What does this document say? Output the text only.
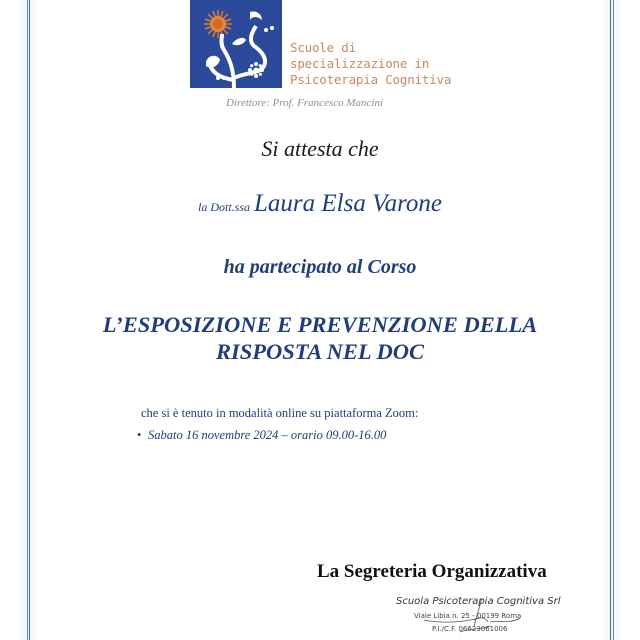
Scuole di
specializzazione in
Psicoterapia Cognitiva
Direttore: Prof. Francesco Mancini
Si attesta che
la Dott.ssa Laura Elsa Varone
ha partecipato al Corso
L’ESPOSIZIONE E PREVENZIONE DELLA
RISPOSTA NEL DOC
che si è tenuto in modalità online su piattaforma Zoom:
• Sabato 16 novembre 2024 – orario 09.00-16.00
La Segreteria Organizzativa
Scuola Psicoterapia Cognitiva Srl
Viale Libia n. 25 - 00199 Roma
P.I./C.F. 06623061006
